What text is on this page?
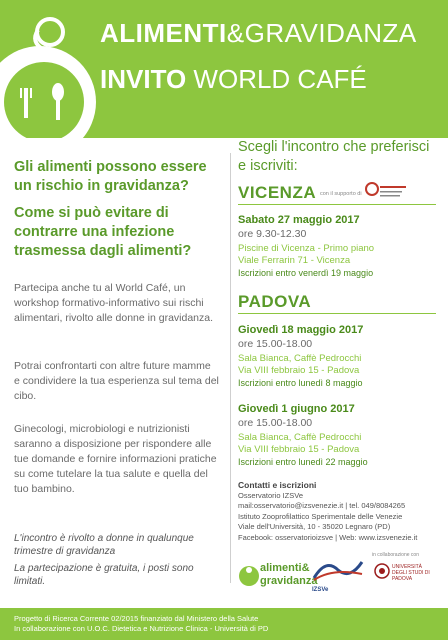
ALIMENTI&GRAVIDANZA
INVITO WORLD CAFÉ
Gli alimenti possono essere un rischio in gravidanza?
Come si può evitare di contrarre una infezione trasmessa dagli alimenti?
Partecipa anche tu al World Café, un workshop formativo-informativo sui rischi alimentari, rivolto alle donne in gravidanza.
Potrai confrontarti con altre future mamme e condividere la tua esperienza sul tema del cibo.
Ginecologi, microbiologi e nutrizionisti saranno a disposizione per rispondere alle tue domande e fornire informazioni pratiche su come tutelare la tua salute e quella del tuo bambino.
L'incontro è rivolto a donne in qualunque trimestre di gravidanza
La partecipazione è gratuita, i posti sono limitati.
Scegli l'incontro che preferisci e iscriviti:
VICENZA con il supporto di
Sabato 27 maggio 2017
ore 9.30-12.30
Piscine di Vicenza - Primo piano
Viale Ferrarin 71 - Vicenza
Iscrizioni entro venerdì 19 maggio
PADOVA
Giovedì 18 maggio 2017
ore 15.00-18.00
Sala Bianca, Caffè Pedrocchi
Via VIII febbraio 15 - Padova
Iscrizioni entro lunedì 8 maggio
Giovedì 1 giugno 2017
ore 15.00-18.00
Sala Bianca, Caffè Pedrocchi
Via VIII febbraio 15 - Padova
Iscrizioni entro lunedì 22 maggio
Contatti e iscrizioni
Osservatorio IZSVe
mail:osservatorio@izsvenezie.it | tel. 049/8084265
Istituto Zooprofilattico Sperimentale delle Venezie
Viale dell'Università, 10 - 35020 Legnaro (PD)
Facebook: osservatorioizsve | Web: www.izsvenezie.it
alimenti&
gravidanza
IZSVe
in collaborazione con
UNIVERSITÀ DEGLI STUDI DI PADOVA
Progetto di Ricerca Corrente 02/2015 finanziato dal Ministero della Salute
In collaborazione con U.O.C. Dietetica e Nutrizione Clinica - Università di PD
